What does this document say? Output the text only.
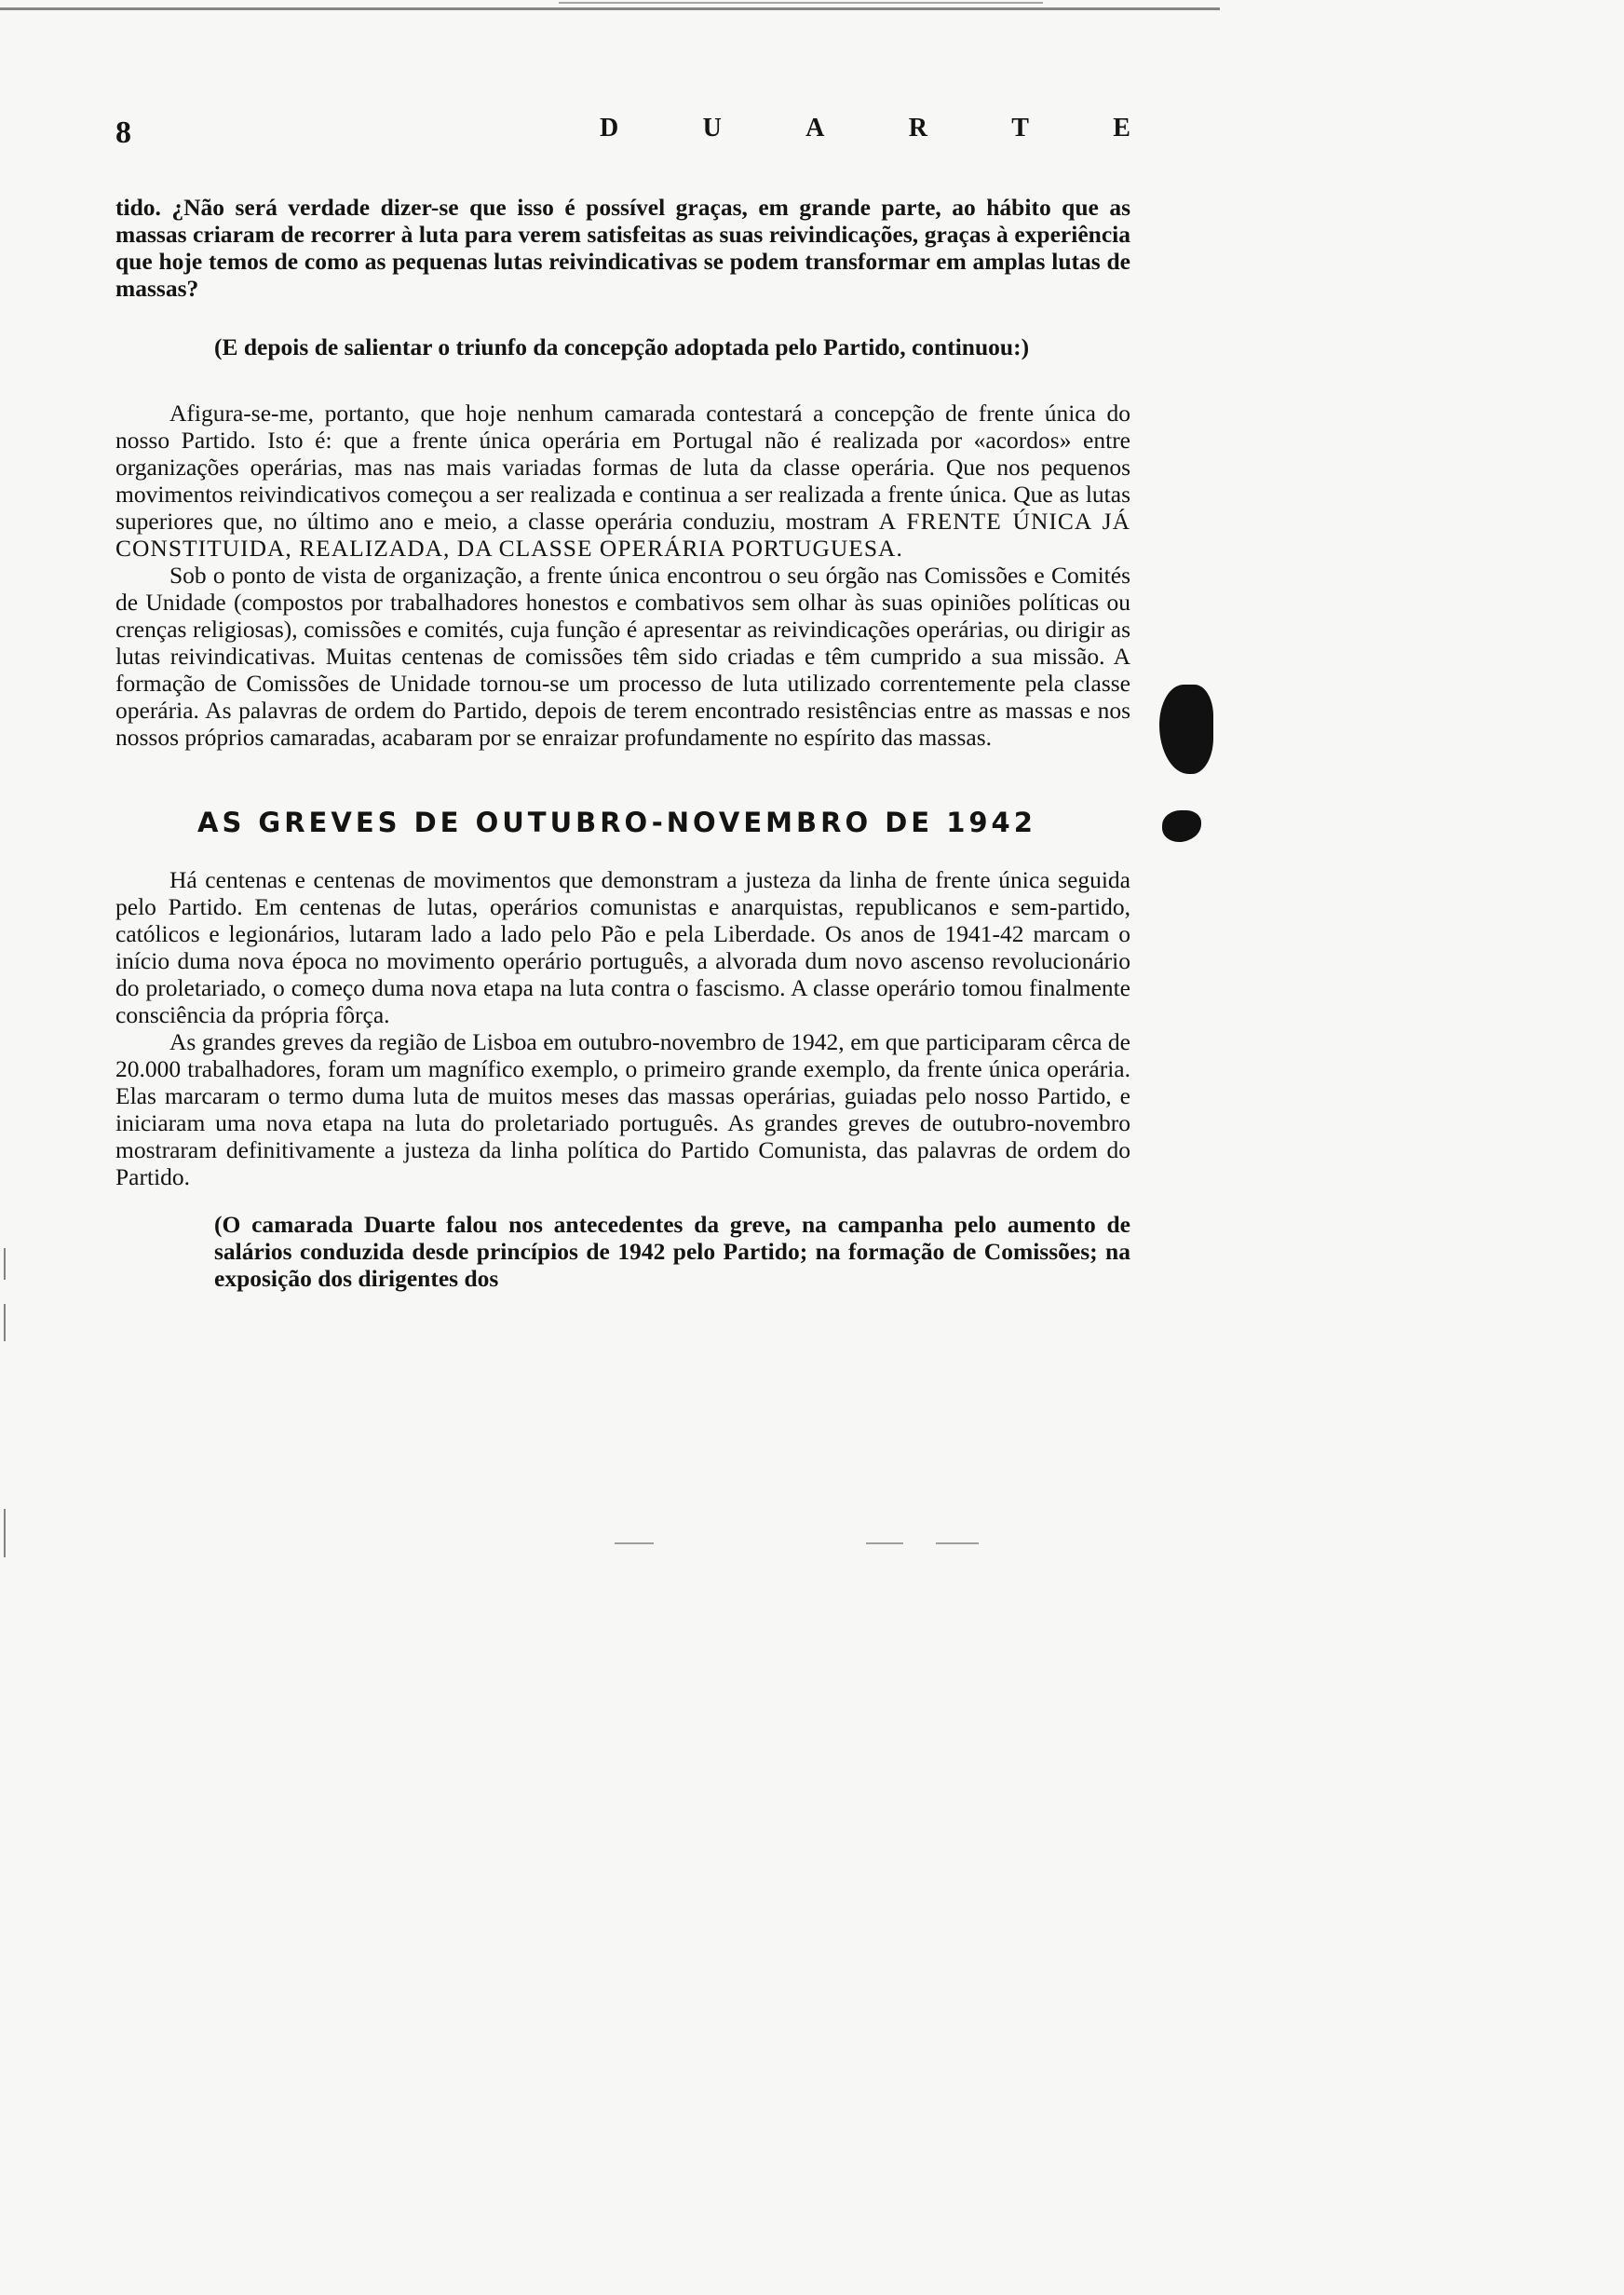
8	D	U	A	R	T	E

tido. ¿Não será verdade dizer-se que isso é possível graças, em grande parte, ao hábito que as massas criaram de recorrer à luta para verem satisfeitas as suas reivindicações, graças à experiência que hoje temos de como as pequenas lutas reivindicativas se podem transformar em amplas lutas de massas?

(E depois de salientar o triunfo da concepção adoptada pelo Partido, continuou:)

Afigura-se-me, portanto, que hoje nenhum camarada contestará a concepção de frente única do nosso Partido. Isto é: que a frente única operária em Portugal não é realizada por «acordos» entre organizações operárias, mas nas mais variadas formas de luta da classe operária. Que nos pequenos movimentos reivindicativos começou a ser realizada e continua a ser realizada a frente única. Que as lutas superiores que, no último ano e meio, a classe operária conduziu, mostram A FRENTE ÚNICA JÁ CONSTITUIDA, REALIZADA, DA CLASSE OPERÁRIA PORTUGUESA.

Sob o ponto de vista de organização, a frente única encontrou o seu órgão nas Comissões e Comités de Unidade (compostos por trabalhadores honestos e combativos sem olhar às suas opiniões políticas ou crenças religiosas), comissões e comités, cuja função é apresentar as reivindicações operárias, ou dirigir as lutas reivindicativas. Muitas centenas de comissões têm sido criadas e têm cumprido a sua missão. A formação de Comissões de Unidade tornou-se um processo de luta utilizado correntemente pela classe operária. As palavras de ordem do Partido, depois de terem encontrado resistências entre as massas e nos nossos próprios camaradas, acabaram por se enraizar profundamente no espírito das massas.

AS GREVES DE OUTUBRO-NOVEMBRO DE 1942

Há centenas e centenas de movimentos que demonstram a justeza da linha de frente única seguida pelo Partido. Em centenas de lutas, operários comunistas e anarquistas, republicanos e sem-partido, católicos e legionários, lutaram lado a lado pelo Pão e pela Liberdade. Os anos de 1941-42 marcam o início duma nova época no movimento operário português, a alvorada dum novo ascenso revolucionário do proletariado, o começo duma nova etapa na luta contra o fascismo. A classe operário tomou finalmente consciência da própria fôrça.

As grandes greves da região de Lisboa em outubro-novembro de 1942, em que participaram cêrca de 20.000 trabalhadores, foram um magnífico exemplo, o primeiro grande exemplo, da frente única operária. Elas marcaram o termo duma luta de muitos meses das massas operárias, guiadas pelo nosso Partido, e iniciaram uma nova etapa na luta do proletariado português. As grandes greves de outubro-novembro mostraram definitivamente a justeza da linha política do Partido Comunista, das palavras de ordem do Partido.

(O camarada Duarte falou nos antecedentes da greve, na campanha pelo aumento de salários conduzida desde princípios de 1942 pelo Partido; na formação de Comissões; na exposição dos dirigentes dos
